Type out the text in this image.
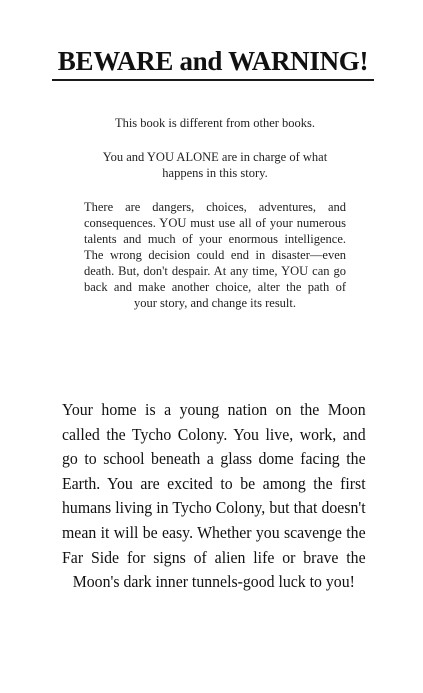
BEWARE and WARNING!

This book is different from other books.

You and YOU ALONE are in charge of what happens in this story.

There are dangers, choices, adventures, and consequences. YOU must use all of your numerous talents and much of your enormous intelligence. The wrong decision could end in disaster—even death. But, don't despair. At any time, YOU can go back and make another choice, alter the path of your story, and change its result.

Your home is a young nation on the Moon called the Tycho Colony. You live, work, and go to school beneath a glass dome facing the Earth. You are excited to be among the first humans living in Tycho Colony, but that doesn't mean it will be easy. Whether you scavenge the Far Side for signs of alien life or brave the Moon's dark inner tunnels-good luck to you!
